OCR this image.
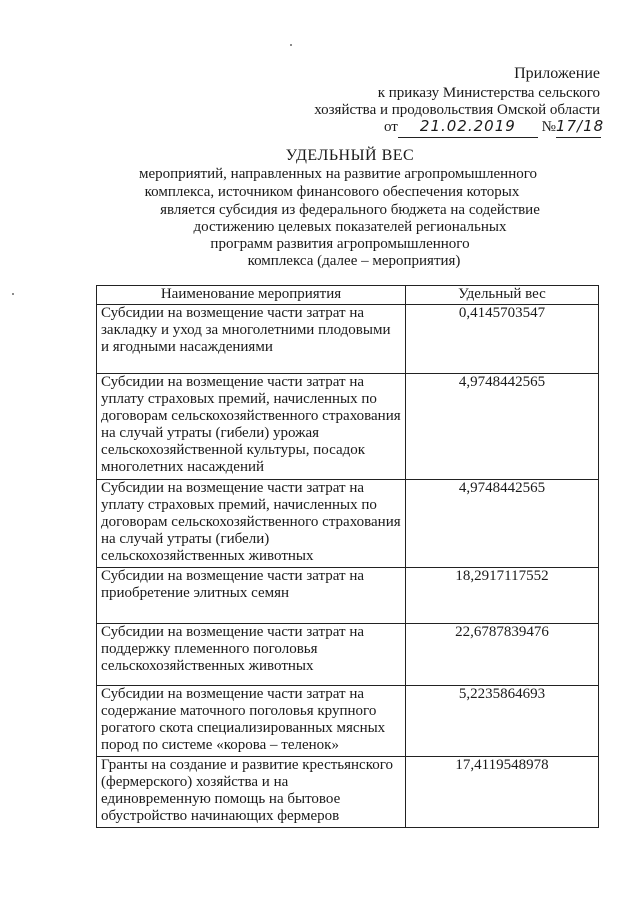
Приложение
к приказу Министерства сельского
хозяйства и продовольствия Омской области
от 21.02.2019 №17/18
УДЕЛЬНЫЙ ВЕС
мероприятий, направленных на развитие агропромышленного
комплекса, источником финансового обеспечения которых
является субсидия из федерального бюджета на содействие
достижению целевых показателей региональных
программ развития агропромышленного
комплекса (далее – мероприятия)
Наименование мероприятия	Удельный вес
Субсидии на возмещение части затрат на закладку и уход за многолетними плодовыми и ягодными насаждениями	0,4145703547
Субсидии на возмещение части затрат на уплату страховых премий, начисленных по договорам сельскохозяйственного страхования на случай утраты (гибели) урожая сельскохозяйственной культуры, посадок многолетних насаждений	4,9748442565
Субсидии на возмещение части затрат на уплату страховых премий, начисленных по договорам сельскохозяйственного страхования на случай утраты (гибели) сельскохозяйственных животных	4,9748442565
Субсидии на возмещение части затрат на приобретение элитных семян	18,2917117552
Субсидии на возмещение части затрат на поддержку племенного поголовья сельскохозяйственных животных	22,6787839476
Субсидии на возмещение части затрат на содержание маточного поголовья крупного рогатого скота специализированных мясных пород по системе «корова – теленок»	5,2235864693
Гранты на создание и развитие крестьянского (фермерского) хозяйства и на единовременную помощь на бытовое обустройство начинающих фермеров	17,4119548978
